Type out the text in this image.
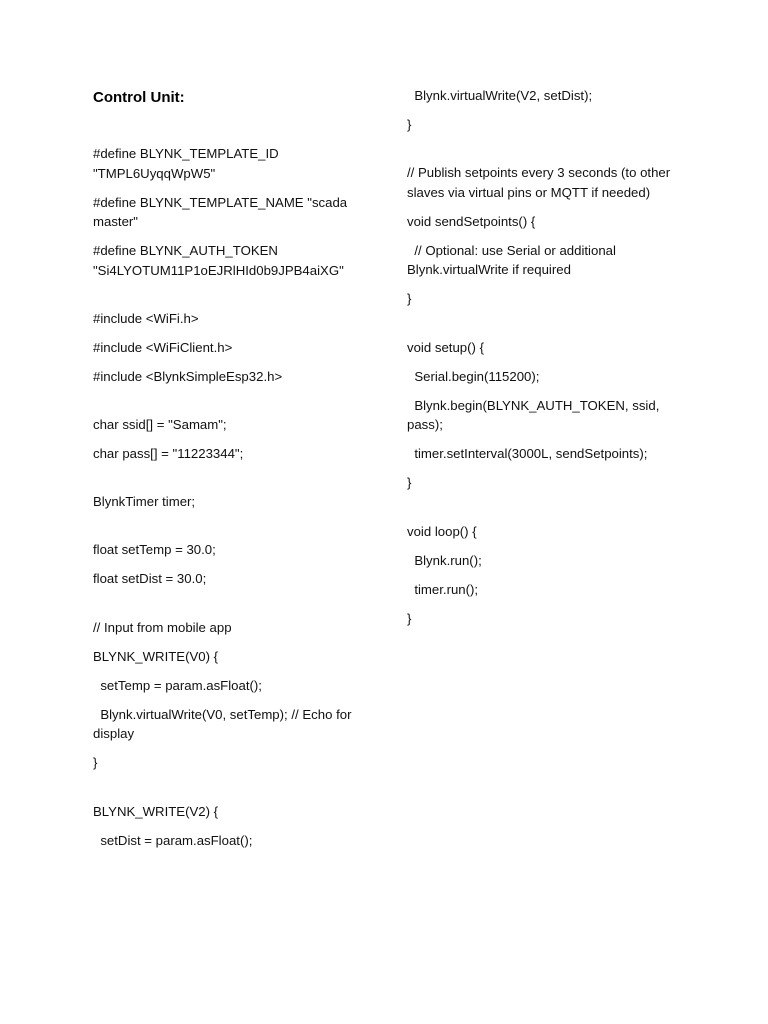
Control Unit:
#define BLYNK_TEMPLATE_ID "TMPL6UyqqWpW5"
#define BLYNK_TEMPLATE_NAME "scada master"
#define BLYNK_AUTH_TOKEN "Si4LYOTUM11P1oEJRlHId0b9JPB4aiXG"
#include <WiFi.h>
#include <WiFiClient.h>
#include <BlynkSimpleEsp32.h>
char ssid[] = "Samam";
char pass[] = "11223344";
BlynkTimer timer;
float setTemp = 30.0;
float setDist = 30.0;
// Input from mobile app
BLYNK_WRITE(V0) {
setTemp = param.asFloat();
Blynk.virtualWrite(V0, setTemp); // Echo for display
}
BLYNK_WRITE(V2) {
setDist = param.asFloat();
Blynk.virtualWrite(V2, setDist);
}
// Publish setpoints every 3 seconds (to other slaves via virtual pins or MQTT if needed)
void sendSetpoints() {
// Optional: use Serial or additional Blynk.virtualWrite if required
}
void setup() {
Serial.begin(115200);
Blynk.begin(BLYNK_AUTH_TOKEN, ssid, pass);
timer.setInterval(3000L, sendSetpoints);
}
void loop() {
Blynk.run();
timer.run();
}
